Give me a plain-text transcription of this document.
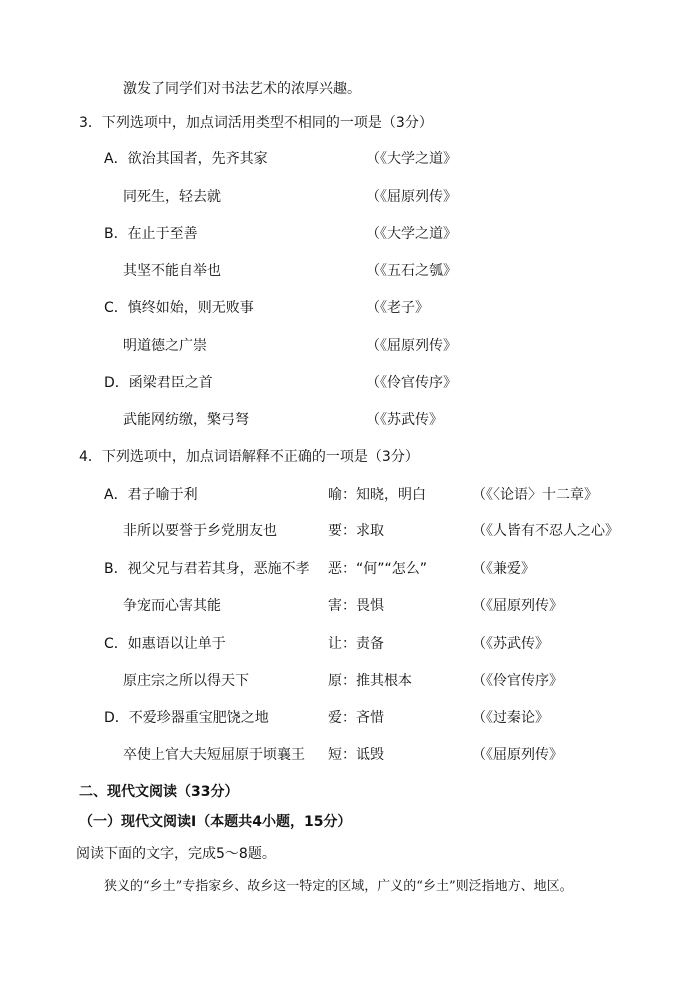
激发了同学们对书法艺术的浓厚兴趣。
3．下列选项中，加点词活用类型不相同的一项是（3分）
A．欲治其国者，先齐其家	（《大学之道》
同死生，轻去就	（《屈原列传》
B．在止于至善	（《大学之道》
其坚不能自举也	（《五石之瓠》
C．慎终如始，则无败事	（《老子》
明道德之广崇	（《屈原列传》
D．函梁君臣之首	（《伶官传序》
武能网纺缴，檠弓弩	（《苏武传》
4．下列选项中，加点词语解释不正确的一项是（3分）
A．君子喻于利	喻：知晓，明白	（《〈论语〉十二章》
非所以要誉于乡党朋友也	要：求取	（《人皆有不忍人之心》
B．视父兄与君若其身，恶施不孝 恶：“何”“怎么”	（《兼爱》
争宠而心害其能	害：畏惧	（《屈原列传》
C．如惠语以让单于	让：责备	（《苏武传》
原庄宗之所以得天下	原：推其根本	（《伶官传序》
D．不爱珍器重宝肥饶之地	爱：吝惜	（《过秦论》
卒使上官大夫短屈原于顷襄王 短：诋毁	（《屈原列传》
二、现代文阅读（33分）
（一）现代文阅读Ⅰ（本题共4小题，15分）
阅读下面的文字，完成5～8题。
狭义的“乡土”专指家乡、故乡这一特定的区域，广义的“乡土”则泛指地方、地区。
